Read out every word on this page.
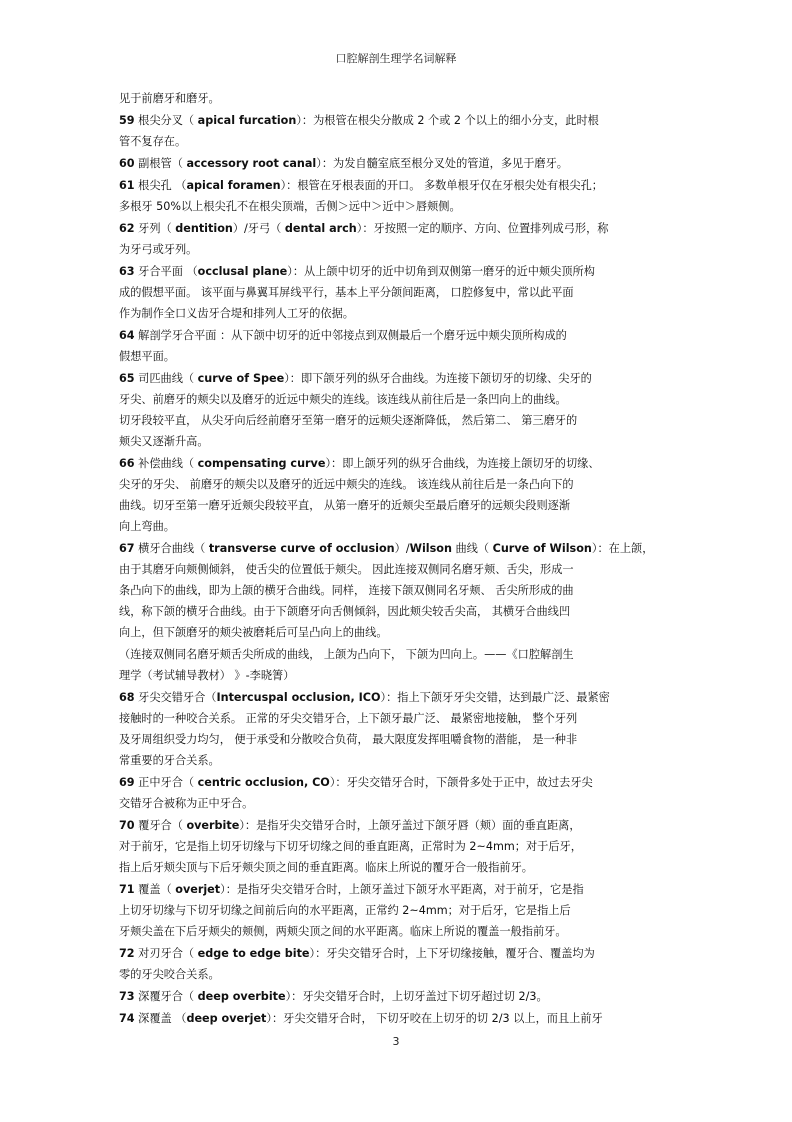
口腔解剖生理学名词解释
见于前磨牙和磨牙。
59 根尖分叉（ apical furcation）：为根管在根尖分散成 2 个或 2 个以上的细小分支，此时根
管不复存在。
60 副根管（ accessory root canal）：为发自髓室底至根分叉处的管道，多见于磨牙。
61 根尖孔 （apical foramen）：根管在牙根表面的开口。 多数单根牙仅在牙根尖处有根尖孔；
多根牙 50%以上根尖孔不在根尖顶端，舌侧＞远中＞近中＞唇颊侧。
62 牙列（ dentition）/牙弓（ dental arch）：牙按照一定的顺序、方向、位置排列成弓形，称
为牙弓或牙列。
63 牙合平面 （occlusal plane）：从上颌中切牙的近中切角到双侧第一磨牙的近中颊尖顶所构
成的假想平面。 该平面与鼻翼耳屏线平行，基本上平分颌间距离， 口腔修复中，常以此平面
作为制作全口义齿牙合堤和排列人工牙的依据。
64 解剖学牙合平面 ：从下颌中切牙的近中邻接点到双侧最后一个磨牙远中颊尖顶所构成的
假想平面。
65 司匹曲线（ curve of Spee）：即下颌牙列的纵牙合曲线。为连接下颌切牙的切缘、尖牙的
牙尖、前磨牙的颊尖以及磨牙的近远中颊尖的连线。该连线从前往后是一条凹向上的曲线。
切牙段较平直， 从尖牙向后经前磨牙至第一磨牙的远颊尖逐渐降低， 然后第二、 第三磨牙的
颊尖又逐渐升高。
66 补偿曲线（ compensating curve）：即上颌牙列的纵牙合曲线，为连接上颌切牙的切缘、
尖牙的牙尖、 前磨牙的颊尖以及磨牙的近远中颊尖的连线。 该连线从前往后是一条凸向下的
曲线。切牙至第一磨牙近颊尖段较平直， 从第一磨牙的近颊尖至最后磨牙的远颊尖段则逐渐
向上弯曲。
67 横牙合曲线（ transverse curve of occlusion）/Wilson 曲线（ Curve of Wilson）：在上颌，
由于其磨牙向颊侧倾斜， 使舌尖的位置低于颊尖。 因此连接双侧同名磨牙颊、舌尖，形成一
条凸向下的曲线，即为上颌的横牙合曲线。同样， 连接下颌双侧同名牙颊、 舌尖所形成的曲
线，称下颌的横牙合曲线。由于下颌磨牙向舌侧倾斜，因此颊尖较舌尖高， 其横牙合曲线凹
向上，但下颌磨牙的颊尖被磨耗后可呈凸向上的曲线。
（连接双侧同名磨牙颊舌尖所成的曲线， 上颌为凸向下， 下颌为凹向上。——《口腔解剖生
理学（考试辅导教材） 》-李晓箐）
68 牙尖交错牙合（Intercuspal occlusion, ICO）：指上下颌牙牙尖交错，达到最广泛、最紧密
接触时的一种咬合关系。 正常的牙尖交错牙合，上下颌牙最广泛、 最紧密地接触， 整个牙列
及牙周组织受力均匀， 便于承受和分散咬合负荷， 最大限度发挥咀嚼食物的潜能， 是一种非
常重要的牙合关系。
69 正中牙合（ centric occlusion, CO）：牙尖交错牙合时，下颌骨多处于正中，故过去牙尖
交错牙合被称为正中牙合。
70 覆牙合（ overbite）：是指牙尖交错牙合时，上颌牙盖过下颌牙唇（颊）面的垂直距离，
对于前牙，它是指上切牙切缘与下切牙切缘之间的垂直距离，正常时为 2~4mm；对于后牙，
指上后牙颊尖顶与下后牙颊尖顶之间的垂直距离。临床上所说的覆牙合一般指前牙。
71 覆盖（ overjet）：是指牙尖交错牙合时，上颌牙盖过下颌牙水平距离，对于前牙，它是指
上切牙切缘与下切牙切缘之间前后向的水平距离，正常约 2~4mm；对于后牙，它是指上后
牙颊尖盖在下后牙颊尖的颊侧，两颊尖顶之间的水平距离。临床上所说的覆盖一般指前牙。
72 对刃牙合（ edge to edge bite）：牙尖交错牙合时，上下牙切缘接触，覆牙合、覆盖均为
零的牙尖咬合关系。
73 深覆牙合（ deep overbite）：牙尖交错牙合时，上切牙盖过下切牙超过切 2/3。
74 深覆盖 （deep overjet）：牙尖交错牙合时， 下切牙咬在上切牙的切 2/3 以上，而且上前牙
3
